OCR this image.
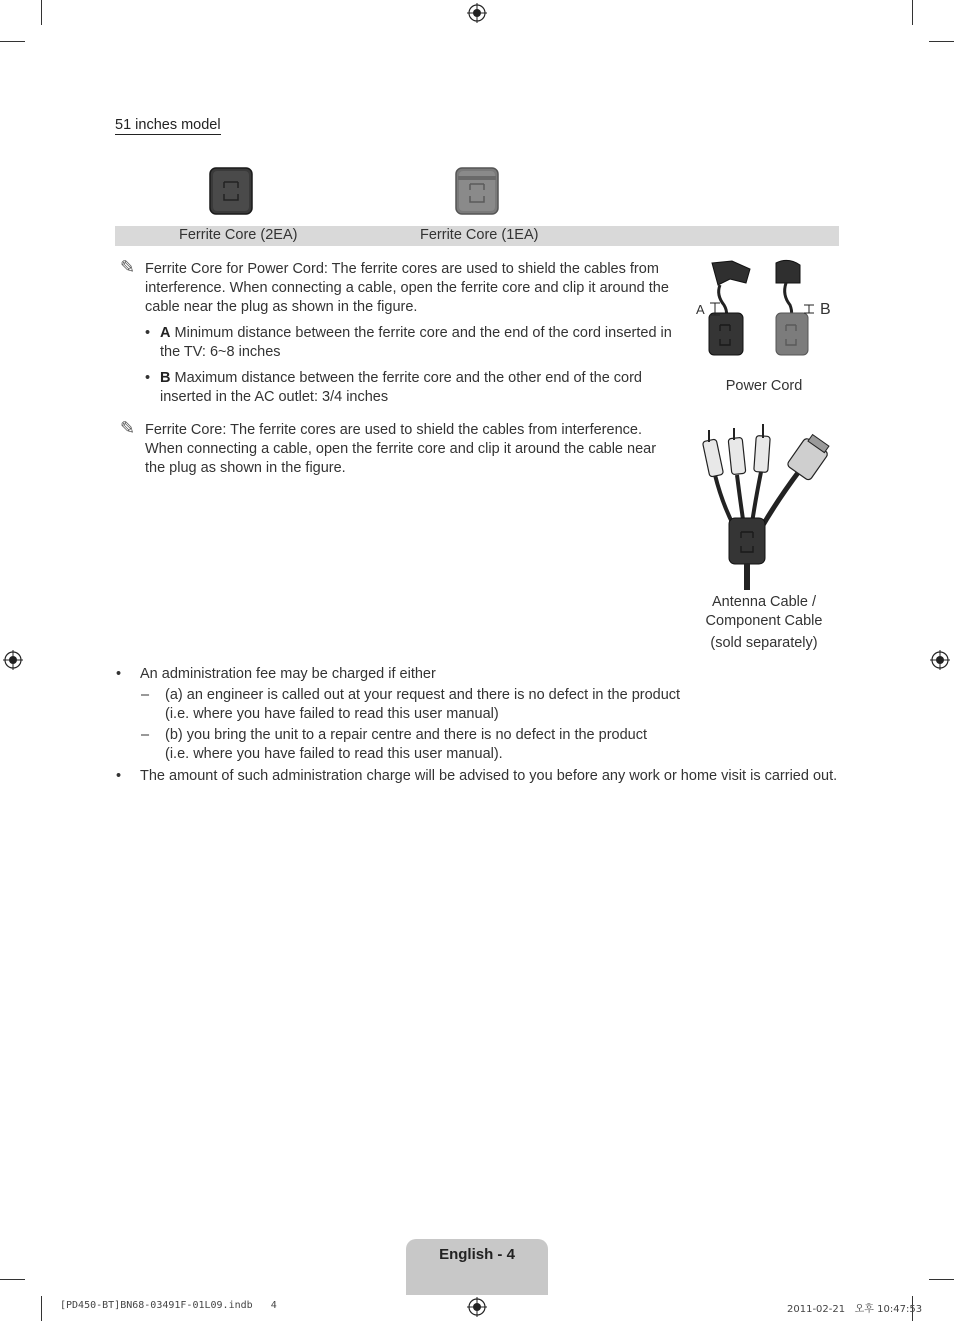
51 inches model
Ferrite Core (2EA)	Ferrite Core (1EA)
✎ Ferrite Core for Power Cord: The ferrite cores are used to shield the cables from interference. When connecting a cable, open the ferrite core and clip it around the cable near the plug as shown in the figure.
• A Minimum distance between the ferrite core and the end of the cord inserted in the TV: 6~8 inches
• B Maximum distance between the ferrite core and the other end of the cord inserted in the AC outlet: 3/4 inches
A	B
Power Cord
✎ Ferrite Core: The ferrite cores are used to shield the cables from interference. When connecting a cable, open the ferrite core and clip it around the cable near the plug as shown in the figure.
Antenna Cable /
Component Cable
(sold separately)
• An administration fee may be charged if either
– (a) an engineer is called out at your request and there is no defect in the product
(i.e. where you have failed to read this user manual)
– (b) you bring the unit to a repair centre and there is no defect in the product
(i.e. where you have failed to read this user manual).
• The amount of such administration charge will be advised to you before any work or home visit is carried out.
English - 4
[PD450-BT]BN68-03491F-01L09.indb   4	2011-02-21   오후 10:47:53
